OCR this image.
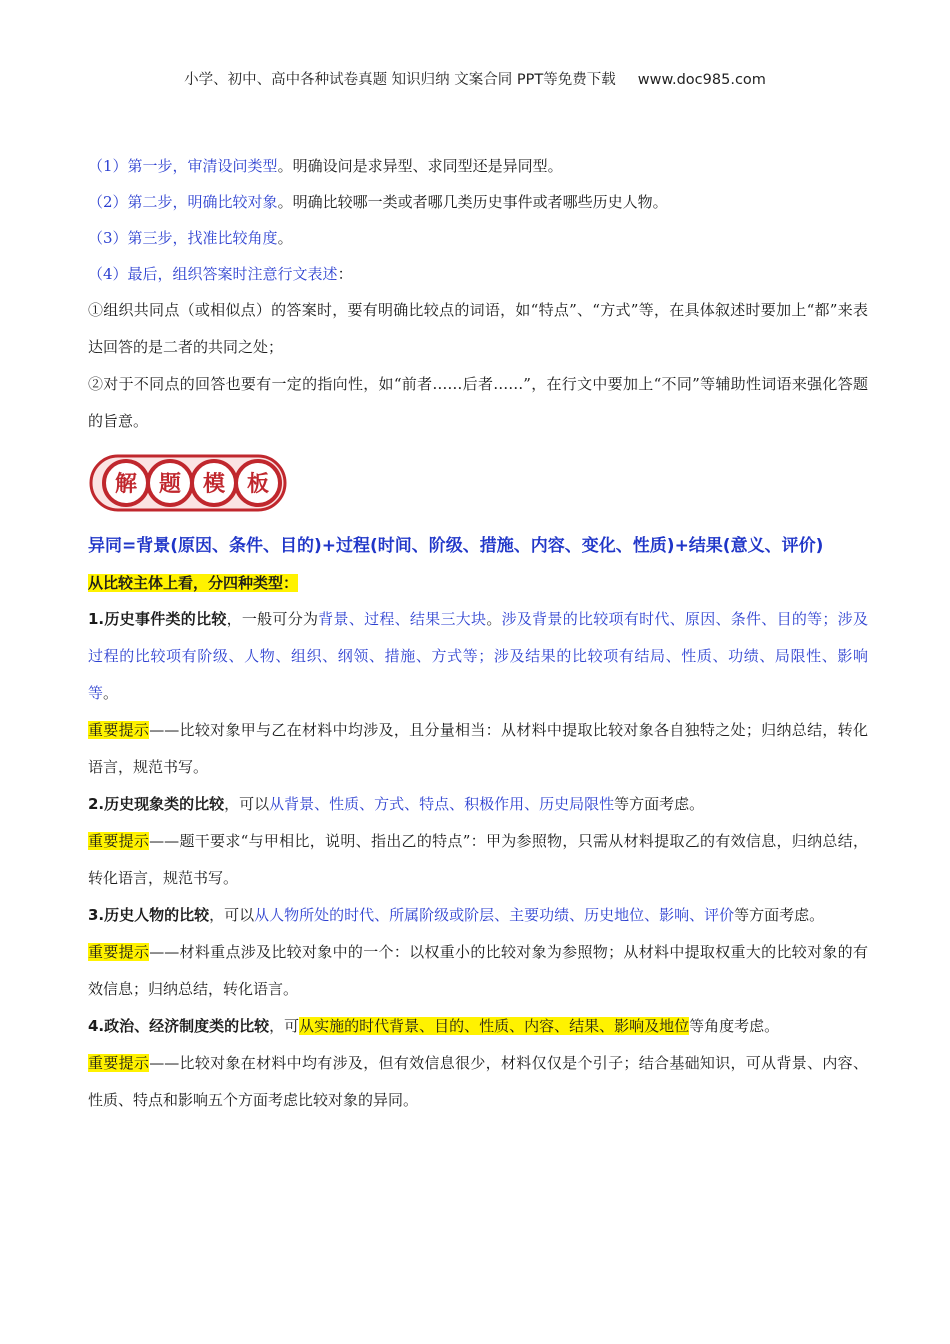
小学、初中、高中各种试卷真题 知识归纳 文案合同 PPT等免费下载 www.doc985.com
（1）第一步，审清设问类型。明确设问是求异型、求同型还是异同型。
（2）第二步，明确比较对象。明确比较哪一类或者哪几类历史事件或者哪些历史人物。
（3）第三步，找准比较角度。
（4）最后，组织答案时注意行文表述：
①组织共同点（或相似点）的答案时，要有明确比较点的词语，如“特点”、“方式”等，在具体叙述时要加上“都”来表达回答的是二者的共同之处；
②对于不同点的回答也要有一定的指向性，如“前者……后者……”，在行文中要加上“不同”等辅助性词语来强化答题的旨意。
解 题 模 板
异同=背景(原因、条件、目的)+过程(时间、阶级、措施、内容、变化、性质)+结果(意义、评价)
从比较主体上看，分四种类型：
1.历史事件类的比较，一般可分为背景、过程、结果三大块。涉及背景的比较项有时代、原因、条件、目的等；涉及过程的比较项有阶级、人物、组织、纲领、措施、方式等；涉及结果的比较项有结局、性质、功绩、局限性、影响等。
重要提示——比较对象甲与乙在材料中均涉及，且分量相当：从材料中提取比较对象各自独特之处；归纳总结，转化语言，规范书写。
2.历史现象类的比较，可以从背景、性质、方式、特点、积极作用、历史局限性等方面考虑。
重要提示——题干要求“与甲相比，说明、指出乙的特点”：甲为参照物，只需从材料提取乙的有效信息，归纳总结，转化语言，规范书写。
3.历史人物的比较，可以从人物所处的时代、所属阶级或阶层、主要功绩、历史地位、影响、评价等方面考虑。
重要提示——材料重点涉及比较对象中的一个：以权重小的比较对象为参照物；从材料中提取权重大的比较对象的有效信息；归纳总结，转化语言。
4.政治、经济制度类的比较，可从实施的时代背景、目的、性质、内容、结果、影响及地位等角度考虑。
重要提示——比较对象在材料中均有涉及，但有效信息很少，材料仅仅是个引子；结合基础知识，可从背景、内容、性质、特点和影响五个方面考虑比较对象的异同。
